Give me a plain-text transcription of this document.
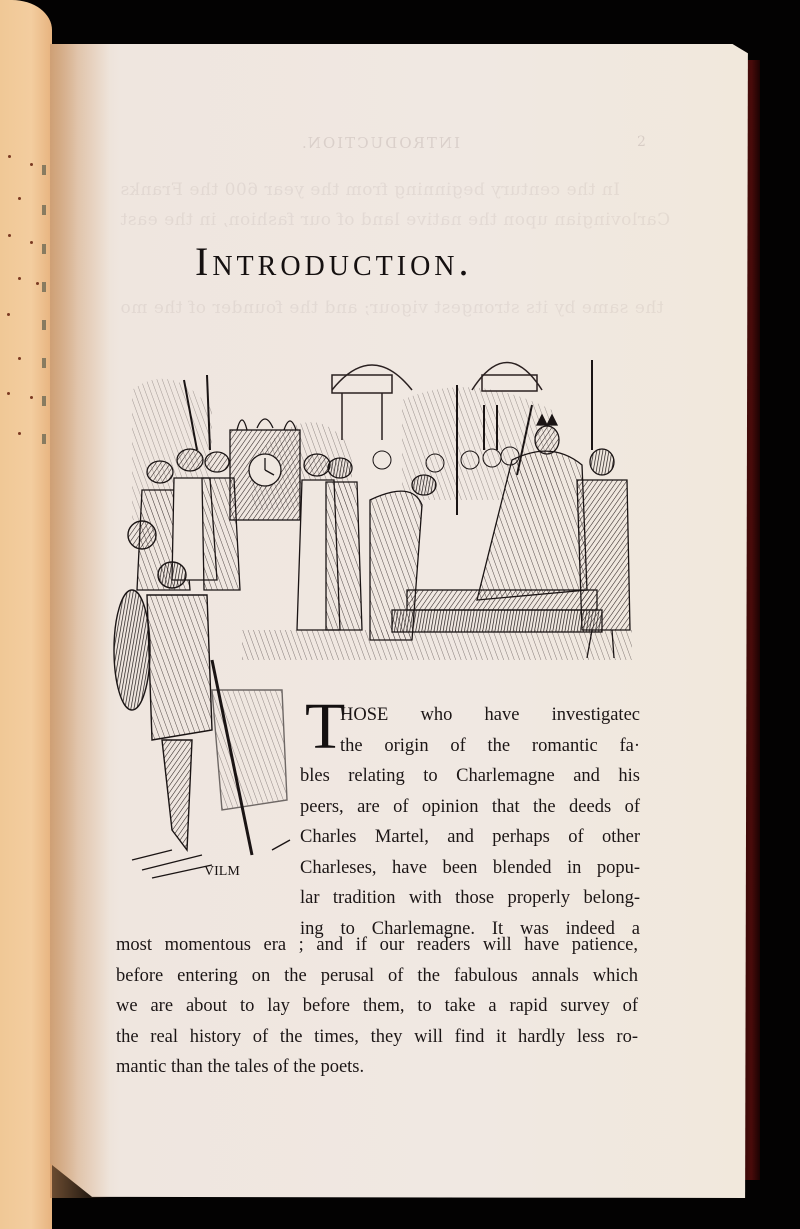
INTRODUCTION.	2
In the century beginning from the year 600 the Franks
Carlovingian upon the native land of our fashion, in the east
the same by its strongest vigour; and the founder of the mo
Introduction.
VILM
T
HOSE who have investigatec
the origin of the romantic fa·
bles relating to Charlemagne and his
peers, are of opinion that the deeds of
Charles Martel, and perhaps of other
Charleses, have been blended in popu-
lar tradition with those properly belong-
ing to Charlemagne. It was indeed a
most momentous era ; and if our readers will have patience,
before entering on the perusal of the fabulous annals which
we are about to lay before them, to take a rapid survey of
the real history of the times, they will find it hardly less ro-
mantic than the tales of the poets.
